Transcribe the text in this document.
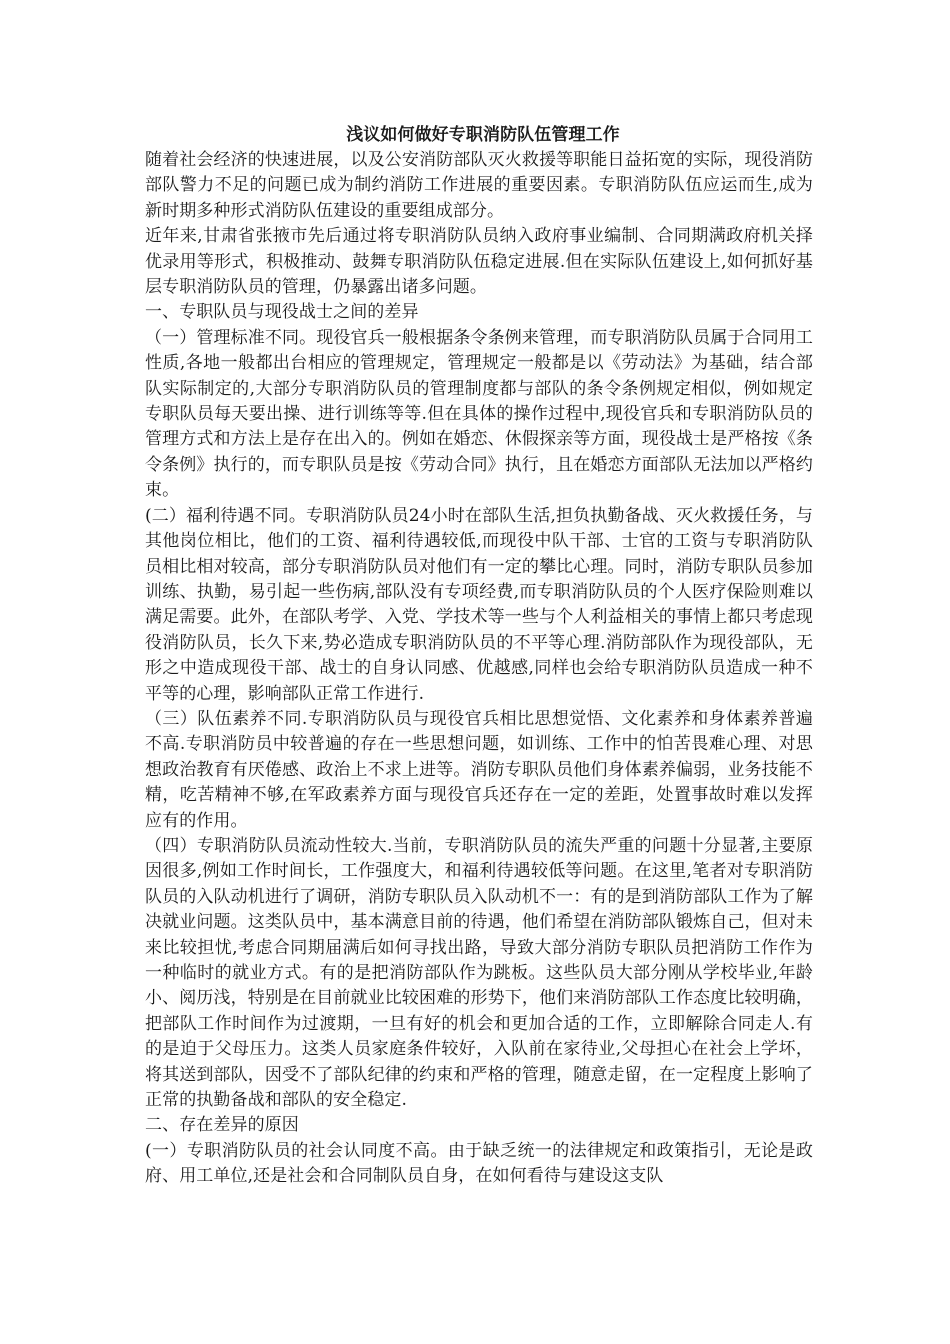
浅议如何做好专职消防队伍管理工作

随着社会经济的快速进展，以及公安消防部队灭火救援等职能日益拓宽的实际，现役消防部队警力不足的问题已成为制约消防工作进展的重要因素。专职消防队伍应运而生,成为新时期多种形式消防队伍建设的重要组成部分。

近年来,甘肃省张掖市先后通过将专职消防队员纳入政府事业编制、合同期满政府机关择优录用等形式，积极推动、鼓舞专职消防队伍稳定进展.但在实际队伍建设上,如何抓好基层专职消防队员的管理，仍暴露出诸多问题。

一、专职队员与现役战士之间的差异

（一）管理标准不同。现役官兵一般根据条令条例来管理，而专职消防队员属于合同用工性质,各地一般都出台相应的管理规定，管理规定一般都是以《劳动法》为基础，结合部队实际制定的,大部分专职消防队员的管理制度都与部队的条令条例规定相似，例如规定专职队员每天要出操、进行训练等等.但在具体的操作过程中,现役官兵和专职消防队员的管理方式和方法上是存在出入的。例如在婚恋、休假探亲等方面，现役战士是严格按《条令条例》执行的，而专职队员是按《劳动合同》执行，且在婚恋方面部队无法加以严格约束。

(二）福利待遇不同。专职消防队员24小时在部队生活,担负执勤备战、灭火救援任务，与其他岗位相比，他们的工资、福利待遇较低,而现役中队干部、士官的工资与专职消防队员相比相对较高，部分专职消防队员对他们有一定的攀比心理。同时，消防专职队员参加训练、执勤，易引起一些伤病,部队没有专项经费,而专职消防队员的个人医疗保险则难以满足需要。此外，在部队考学、入党、学技术等一些与个人利益相关的事情上都只考虑现役消防队员，长久下来,势必造成专职消防队员的不平等心理.消防部队作为现役部队，无形之中造成现役干部、战士的自身认同感、优越感,同样也会给专职消防队员造成一种不平等的心理，影响部队正常工作进行.

（三）队伍素养不同.专职消防队员与现役官兵相比思想觉悟、文化素养和身体素养普遍不高.专职消防员中较普遍的存在一些思想问题，如训练、工作中的怕苦畏难心理、对思想政治教育有厌倦感、政治上不求上进等。消防专职队员他们身体素养偏弱，业务技能不精，吃苦精神不够,在军政素养方面与现役官兵还存在一定的差距，处置事故时难以发挥应有的作用。

（四）专职消防队员流动性较大.当前，专职消防队员的流失严重的问题十分显著,主要原因很多,例如工作时间长，工作强度大，和福利待遇较低等问题。在这里,笔者对专职消防队员的入队动机进行了调研，消防专职队员入队动机不一：有的是到消防部队工作为了解决就业问题。这类队员中，基本满意目前的待遇，他们希望在消防部队锻炼自己，但对未来比较担忧,考虑合同期届满后如何寻找出路，导致大部分消防专职队员把消防工作作为一种临时的就业方式。有的是把消防部队作为跳板。这些队员大部分刚从学校毕业,年龄小、阅历浅，特别是在目前就业比较困难的形势下，他们来消防部队工作态度比较明确，把部队工作时间作为过渡期，一旦有好的机会和更加合适的工作，立即解除合同走人.有的是迫于父母压力。这类人员家庭条件较好，入队前在家待业,父母担心在社会上学坏，将其送到部队，因受不了部队纪律的约束和严格的管理，随意走留，在一定程度上影响了正常的执勤备战和部队的安全稳定.

二、存在差异的原因

(一）专职消防队员的社会认同度不高。由于缺乏统一的法律规定和政策指引，无论是政府、用工单位,还是社会和合同制队员自身，在如何看待与建设这支队
